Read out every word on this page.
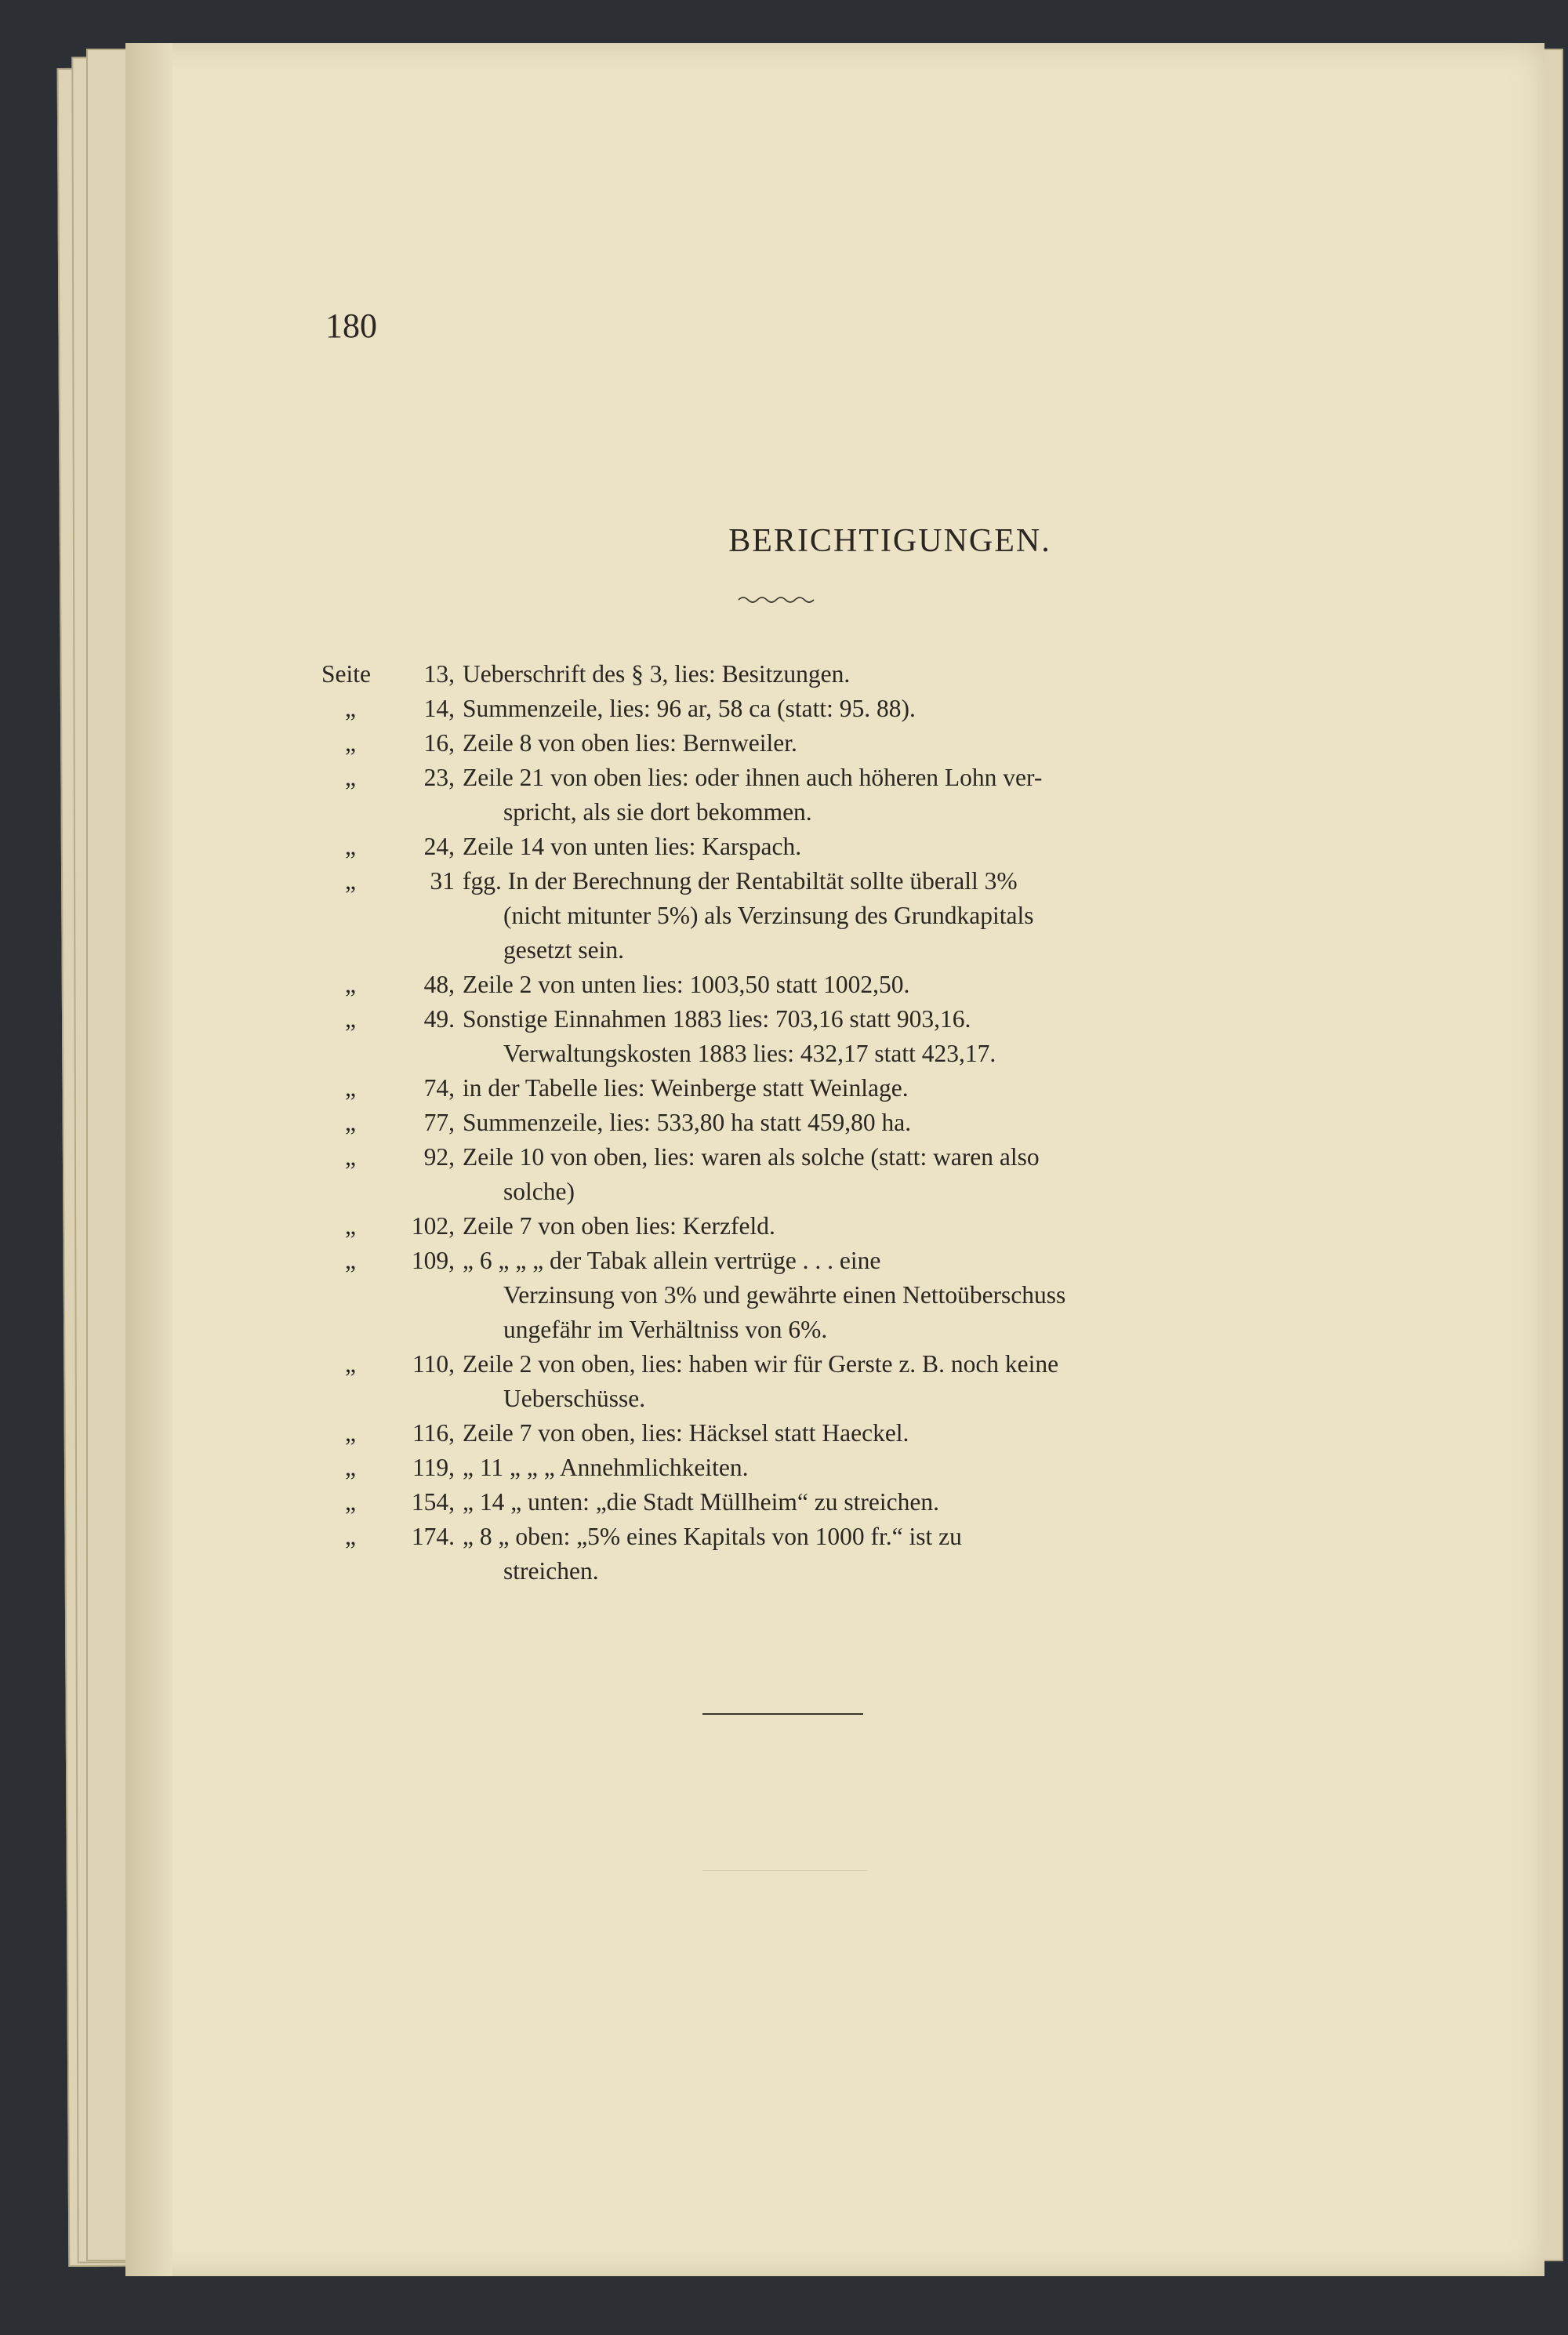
180
BERICHTIGUNGEN.
Seite	13, Ueberschrift des § 3, lies: Besitzungen.
„	14, Summenzeile, lies: 96 ar, 58 ca (statt: 95. 88).
„	16, Zeile 8 von oben lies: Bernweiler.
„	23, Zeile 21 von oben lies: oder ihnen auch höheren Lohn ver-
spricht, als sie dort bekommen.
„	24, Zeile 14 von unten lies: Karspach.
„	31 fgg. In der Berechnung der Rentabiltät sollte überall 3%
(nicht mitunter 5%) als Verzinsung des Grundkapitals
gesetzt sein.
„	48, Zeile 2 von unten lies: 1003,50 statt 1002,50.
„	49. Sonstige Einnahmen 1883 lies: 703,16 statt 903,16.
Verwaltungskosten 1883 lies: 432,17 statt 423,17.
„	74, in der Tabelle lies: Weinberge statt Weinlage.
„	77, Summenzeile, lies: 533,80 ha statt 459,80 ha.
„	92, Zeile 10 von oben, lies: waren als solche (statt: waren also
solche)
„	102, Zeile 7 von oben lies: Kerzfeld.
„	109, „ 6 „ „ „ der Tabak allein vertrüge . . . eine
Verzinsung von 3% und gewährte einen Nettoüberschuss
ungefähr im Verhältniss von 6%.
„	110, Zeile 2 von oben, lies: haben wir für Gerste z. B. noch keine
Ueberschüsse.
„	116, Zeile 7 von oben, lies: Häcksel statt Haeckel.
„	119, „ 11 „ „ „ Annehmlichkeiten.
„	154, „ 14 „ unten: „die Stadt Müllheim“ zu streichen.
„	174. „ 8 „ oben: „5% eines Kapitals von 1000 fr.“ ist zu
streichen.
